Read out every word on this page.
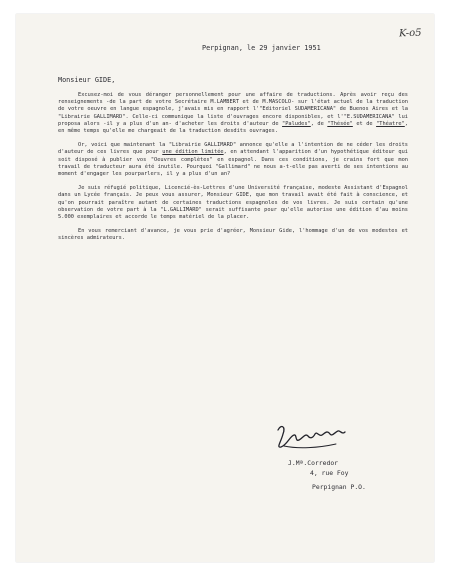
K-o5
Perpignan, le 29 janvier 1951
Monsieur GIDE,

Excusez-moi de vous déranger personnellement pour une affaire de traductions. Après avoir reçu des renseignements -de la part de votre Secrétaire M.LAMBERT et de M.MASCOLO- sur l'état actuel de la traduction de votre oeuvre en langue espagnole, j'avais mis en rapport l'"Editoriel SUDAMERICANA" de Buenos Aires et la "Librairie GALLIMARD". Celle-ci communique la liste d'ouvrages encore disponibles, et l'"E.SUDAMERICANA" lui proposa alors -il y a plus d'un an- d'acheter les droits d'auteur de "Paludes", de "Thésée" et de "Théatre", en même temps qu'elle me chargeait de la traduction desdits ouvrages.

Or, voici que maintenant la "Librairie GALLIMARD" annonce qu'elle a l'intention de ne céder les droits d'auteur de ces livres que pour une édition limitée, en attendant l'apparition d'un hypothétique éditeur qui soit disposé à publier vos "Oeuvres complètes" en espagnol. Dans ces conditions, je crains fort que mon travail de traducteur aura été inutile. Pourquoi "Gallimard" ne nous a-t-elle pas averti de ses intentions au moment d'engager les pourparlers, il y a plus d'un an?

Je suis réfugié politique, Licencié-ès-Lettres d'une Université française, modeste Assistant d'Espagnol dans un Lycée français. Je peux vous assurer, Monsieur GIDE, que mon travail avait été fait à conscience, et qu'on pourrait paraître autant de certaines traductions espagnoles de vos livres. Je suis certain qu'une observation de votre part à la "L.GALLIMARD" serait suffisante pour qu'elle autorise une édition d'au moins 5.000 exemplaires et accorde le temps matériel de la placer.

En vous remerciant d'avance, je vous prie d'agréer, Monsieur Gide, l'hommage d'un de vos modestes et sincères admirateurs.

J.Mª.Corredor
4, rue Foy
Perpignan P.O.
